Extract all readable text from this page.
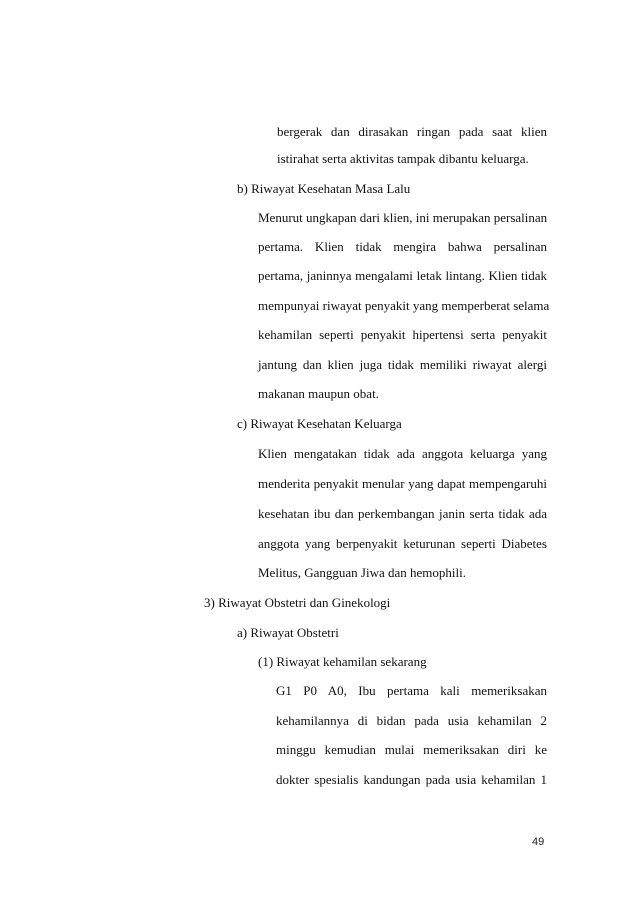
bergerak dan dirasakan ringan pada saat klien
istirahat serta aktivitas tampak dibantu keluarga.
b) Riwayat Kesehatan Masa Lalu
Menurut ungkapan dari klien, ini merupakan persalinan
pertama. Klien tidak mengira bahwa persalinan
pertama, janinnya mengalami letak lintang. Klien tidak
mempunyai riwayat penyakit yang memperberat selama
kehamilan seperti penyakit hipertensi serta penyakit
jantung dan klien juga tidak memiliki riwayat alergi
makanan maupun obat.
c) Riwayat Kesehatan Keluarga
Klien mengatakan tidak ada anggota keluarga yang
menderita penyakit menular yang dapat mempengaruhi
kesehatan ibu dan perkembangan janin serta tidak ada
anggota yang berpenyakit keturunan seperti Diabetes
Melitus, Gangguan Jiwa dan hemophili.
3) Riwayat Obstetri dan Ginekologi
a) Riwayat Obstetri
(1) Riwayat kehamilan sekarang
G1 P0 A0, Ibu pertama kali memeriksakan
kehamilannya di bidan pada usia kehamilan 2
minggu kemudian mulai memeriksakan diri ke
dokter spesialis kandungan pada usia kehamilan 1
49
